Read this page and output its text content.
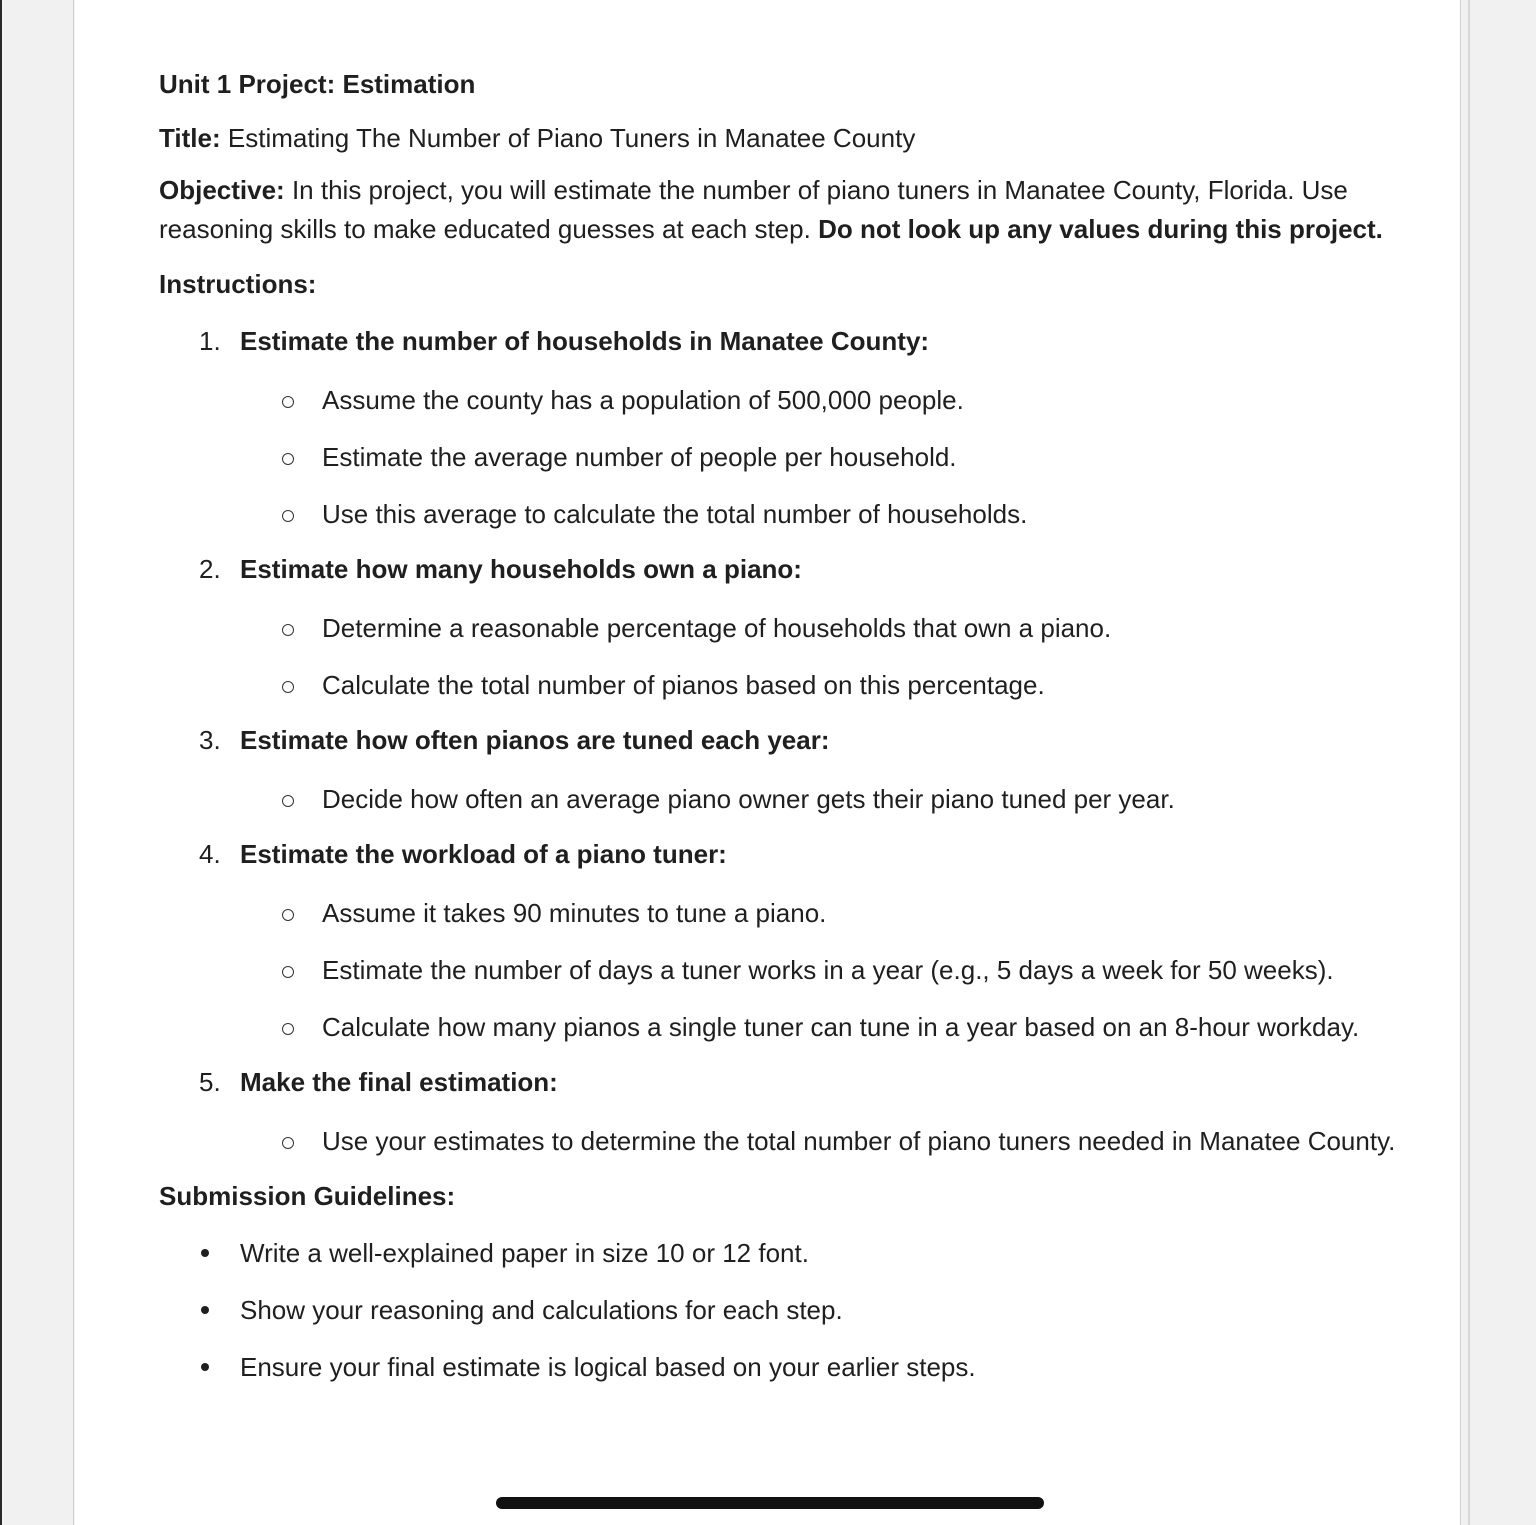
Unit 1 Project: Estimation
Title: Estimating The Number of Piano Tuners in Manatee County
Objective: In this project, you will estimate the number of piano tuners in Manatee County, Florida. Use reasoning skills to make educated guesses at each step. Do not look up any values during this project.
Instructions:
1. Estimate the number of households in Manatee County:
Assume the county has a population of 500,000 people.
Estimate the average number of people per household.
Use this average to calculate the total number of households.
2. Estimate how many households own a piano:
Determine a reasonable percentage of households that own a piano.
Calculate the total number of pianos based on this percentage.
3. Estimate how often pianos are tuned each year:
Decide how often an average piano owner gets their piano tuned per year.
4. Estimate the workload of a piano tuner:
Assume it takes 90 minutes to tune a piano.
Estimate the number of days a tuner works in a year (e.g., 5 days a week for 50 weeks).
Calculate how many pianos a single tuner can tune in a year based on an 8-hour workday.
5. Make the final estimation:
Use your estimates to determine the total number of piano tuners needed in Manatee County.
Submission Guidelines:
Write a well-explained paper in size 10 or 12 font.
Show your reasoning and calculations for each step.
Ensure your final estimate is logical based on your earlier steps.
